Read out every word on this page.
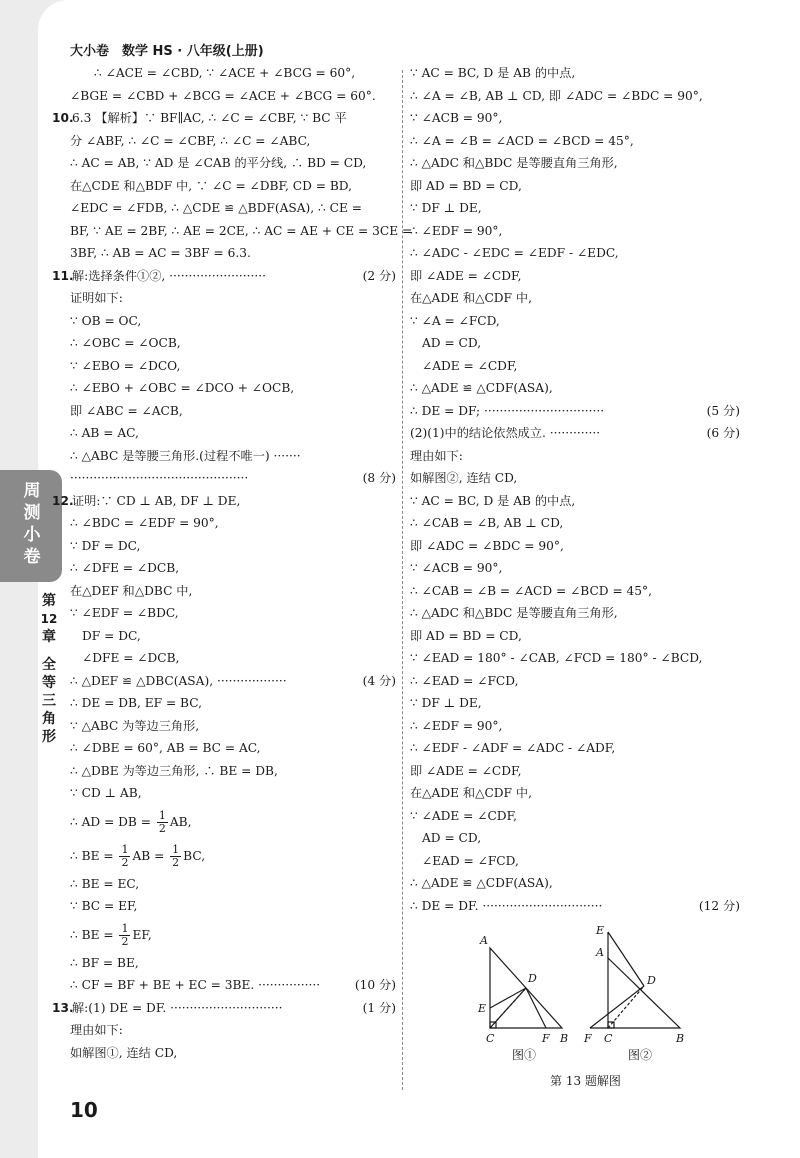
大小卷　数学 HS · 八年级(上册)
周
测
小
卷
第
12
章
全
等
三
角
形
∴ ∠ACE = ∠CBD, ∵ ∠ACE + ∠BCG = 60°,
∠BGE = ∠CBD + ∠BCG = ∠ACE + ∠BCG = 60°.
10.6.3 【解析】∵ BF∥AC, ∴ ∠C = ∠CBF, ∵ BC 平
分 ∠ABF, ∴ ∠C = ∠CBF, ∴ ∠C = ∠ABC,
∴ AC = AB, ∵ AD 是 ∠CAB 的平分线, ∴ BD = CD,
在△CDE 和△BDF 中, ∵ ∠C = ∠DBF, CD = BD,
∠EDC = ∠FDB, ∴ △CDE ≌ △BDF(ASA), ∴ CE =
BF, ∵ AE = 2BF, ∴ AE = 2CE, ∴ AC = AE + CE = 3CE =
3BF, ∴ AB = AC = 3BF = 6.3.
11.解:选择条件①②, ·························	(2 分)
证明如下:
∵ OB = OC,
∴ ∠OBC = ∠OCB,
∵ ∠EBO = ∠DCO,
∴ ∠EBO + ∠OBC = ∠DCO + ∠OCB,
即 ∠ABC = ∠ACB,
∴ AB = AC,
∴ △ABC 是等腰三角形.(过程不唯一) ·······
··············································	(8 分)
12.证明:∵ CD ⊥ AB, DF ⊥ DE,
∴ ∠BDC = ∠EDF = 90°,
∵ DF = DC,
∴ ∠DFE = ∠DCB,
在△DEF 和△DBC 中,
∵ ∠EDF = ∠BDC,
DF = DC,
∠DFE = ∠DCB,
∴ △DEF ≌ △DBC(ASA), ··················	(4 分)
∴ DE = DB, EF = BC,
∵ △ABC 为等边三角形,
∴ ∠DBE = 60°, AB = BC = AC,
∴ △DBE 为等边三角形, ∴ BE = DB,
∵ CD ⊥ AB,
∴ AD = DB = $\frac{1}{2}$ AB,
∴ BE = $\frac{1}{2}$ AB = $\frac{1}{2}$ BC,
∴ BE = EC,
∵ BC = EF,
∴ BE = $\frac{1}{2}$ EF,
∴ BF = BE,
∴ CF = BF + BE + EC = 3BE. ················	(10 分)
13.解:(1) DE = DF. ·····························	(1 分)
理由如下:
如解图①, 连结 CD,
∵ AC = BC, D 是 AB 的中点,
∴ ∠A = ∠B, AB ⊥ CD, 即 ∠ADC = ∠BDC = 90°,
∵ ∠ACB = 90°,
∴ ∠A = ∠B = ∠ACD = ∠BCD = 45°,
∴ △ADC 和△BDC 是等腰直角三角形,
即 AD = BD = CD,
∵ DF ⊥ DE,
∴ ∠EDF = 90°,
∴ ∠ADC - ∠EDC = ∠EDF - ∠EDC,
即 ∠ADE = ∠CDF,
在△ADE 和△CDF 中,
∵ ∠A = ∠FCD,
AD = CD,
∠ADE = ∠CDF,
∴ △ADE ≌ △CDF(ASA),
∴ DE = DF; ·······························	(5 分)
(2)(1)中的结论依然成立. ·············	(6 分)
理由如下:
如解图②, 连结 CD,
∵ AC = BC, D 是 AB 的中点,
∴ ∠CAB = ∠B, AB ⊥ CD,
即 ∠ADC = ∠BDC = 90°,
∵ ∠ACB = 90°,
∴ ∠CAB = ∠B = ∠ACD = ∠BCD = 45°,
∴ △ADC 和△BDC 是等腰直角三角形,
即 AD = BD = CD,
∵ ∠EAD = 180° - ∠CAB, ∠FCD = 180° - ∠BCD,
∴ ∠EAD = ∠FCD,
∵ DF ⊥ DE,
∴ ∠EDF = 90°,
∴ ∠EDF - ∠ADF = ∠ADC - ∠ADF,
即 ∠ADE = ∠CDF,
在△ADE 和△CDF 中,
∵ ∠ADE = ∠CDF,
AD = CD,
∠EAD = ∠FCD,
∴ △ADE ≌ △CDF(ASA),
∴ DE = DF. ·······························	(12 分)
A
D
E
C	F B
E
A
D
F C	B
图①	图②
第 13 题解图
10
